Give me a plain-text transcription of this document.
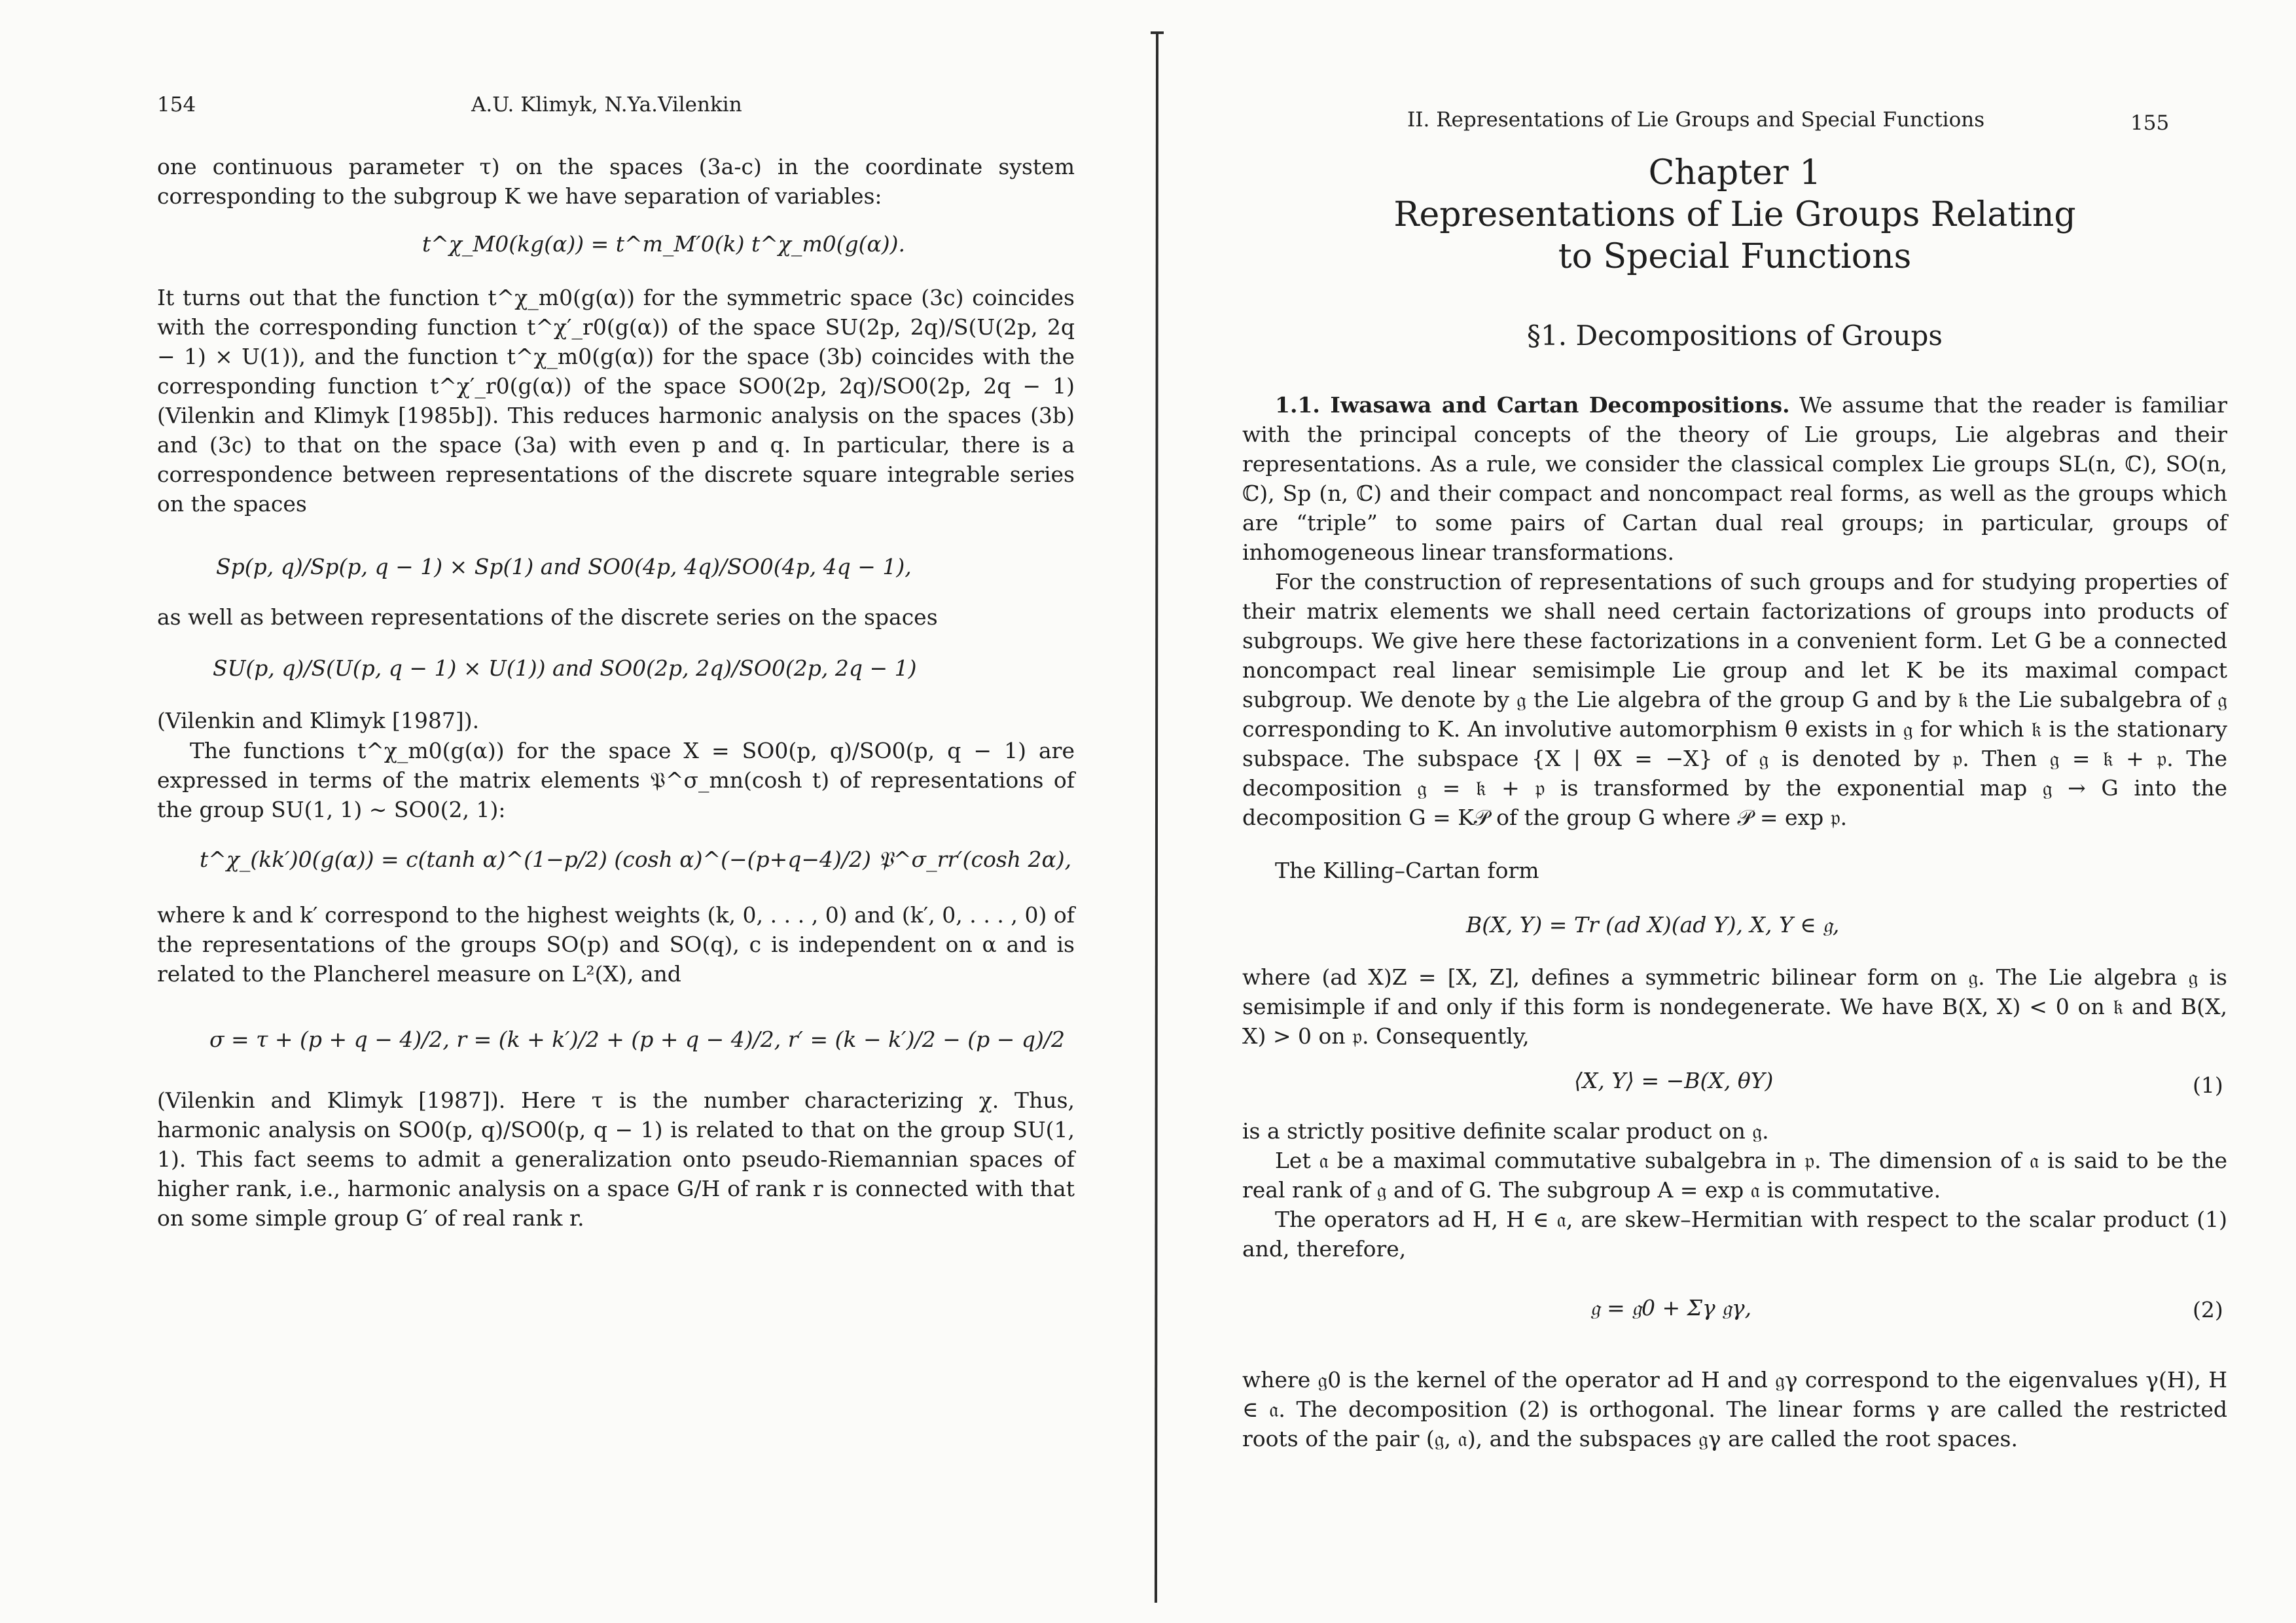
154	A.U. Klimyk, N.Ya.Vilenkin

one continuous parameter τ) on the spaces (3a-c) in the coordinate system corresponding to the subgroup K we have separation of variables:

t^χ_M0(kg(α)) = t^m_M′0(k) t^χ_m0(g(α)).

It turns out that the function t^χ_m0(g(α)) for the symmetric space (3c) coincides with the corresponding function t^χ′_r0(g(α)) of the space SU(2p, 2q)/S(U(2p, 2q − 1) × U(1)), and the function t^χ_m0(g(α)) for the space (3b) coincides with the corresponding function t^χ′_r0(g(α)) of the space SO0(2p, 2q)/SO0(2p, 2q − 1) (Vilenkin and Klimyk [1985b]). This reduces harmonic analysis on the spaces (3b) and (3c) to that on the space (3a) with even p and q. In particular, there is a correspondence between representations of the discrete square integrable series on the spaces

Sp(p, q)/Sp(p, q − 1) × Sp(1) and SO0(4p, 4q)/SO0(4p, 4q − 1),

as well as between representations of the discrete series on the spaces

SU(p, q)/S(U(p, q − 1) × U(1)) and SO0(2p, 2q)/SO0(2p, 2q − 1)

(Vilenkin and Klimyk [1987]).

The functions t^χ_m0(g(α)) for the space X = SO0(p, q)/SO0(p, q − 1) are expressed in terms of the matrix elements 𝔓^σ_mn(cosh t) of representations of the group SU(1, 1) ∼ SO0(2, 1):

t^χ_(kk′)0(g(α)) = c(tanh α)^(1−p/2) (cosh α)^(−(p+q−4)/2) 𝔓^σ_rr′(cosh 2α),

where k and k′ correspond to the highest weights (k, 0, . . . , 0) and (k′, 0, . . . , 0) of the representations of the groups SO(p) and SO(q), c is independent on α and is related to the Plancherel measure on L²(X), and

σ = τ + (p + q − 4)/2, r = (k + k′)/2 + (p + q − 4)/2, r′ = (k − k′)/2 − (p − q)/2

(Vilenkin and Klimyk [1987]). Here τ is the number characterizing χ. Thus, harmonic analysis on SO0(p, q)/SO0(p, q − 1) is related to that on the group SU(1, 1). This fact seems to admit a generalization onto pseudo-Riemannian spaces of higher rank, i.e., harmonic analysis on a space G/H of rank r is connected with that on some simple group G′ of real rank r.

II. Representations of Lie Groups and Special Functions	155
Chapter 1
Representations of Lie Groups Relating
to Special Functions
§1. Decompositions of Groups

1.1. Iwasawa and Cartan Decompositions. We assume that the reader is familiar with the principal concepts of the theory of Lie groups, Lie algebras and their representations. As a rule, we consider the classical complex Lie groups SL(n, ℂ), SO(n, ℂ), Sp (n, ℂ) and their compact and noncompact real forms, as well as the groups which are “triple” to some pairs of Cartan dual real groups; in particular, groups of inhomogeneous linear transformations.

For the construction of representations of such groups and for studying properties of their matrix elements we shall need certain factorizations of groups into products of subgroups. We give here these factorizations in a convenient form. Let G be a connected noncompact real linear semisimple Lie group and let K be its maximal compact subgroup. We denote by 𝔤 the Lie algebra of the group G and by 𝔨 the Lie subalgebra of 𝔤 corresponding to K. An involutive automorphism θ exists in 𝔤 for which 𝔨 is the stationary subspace. The subspace {X | θX = −X} of 𝔤 is denoted by 𝔭. Then 𝔤 = 𝔨 + 𝔭. The decomposition 𝔤 = 𝔨 + 𝔭 is transformed by the exponential map 𝔤 → G into the decomposition G = K𝒫 of the group G where 𝒫 = exp 𝔭.

The Killing–Cartan form

B(X, Y) = Tr (ad X)(ad Y), X, Y ∈ 𝔤,

where (ad X)Z = [X, Z], defines a symmetric bilinear form on 𝔤. The Lie algebra 𝔤 is semisimple if and only if this form is nondegenerate. We have B(X, X) < 0 on 𝔨 and B(X, X) > 0 on 𝔭. Consequently,

⟨X, Y⟩ = −B(X, θY)	(1)

is a strictly positive definite scalar product on 𝔤.

Let 𝔞 be a maximal commutative subalgebra in 𝔭. The dimension of 𝔞 is said to be the real rank of 𝔤 and of G. The subgroup A = exp 𝔞 is commutative.

The operators ad H, H ∈ 𝔞, are skew–Hermitian with respect to the scalar product (1) and, therefore,

𝔤 = 𝔤0 + Σγ 𝔤γ,	(2)

where 𝔤0 is the kernel of the operator ad H and 𝔤γ correspond to the eigenvalues γ(H), H ∈ 𝔞. The decomposition (2) is orthogonal. The linear forms γ are called the restricted roots of the pair (𝔤, 𝔞), and the subspaces 𝔤γ are called the root spaces.
